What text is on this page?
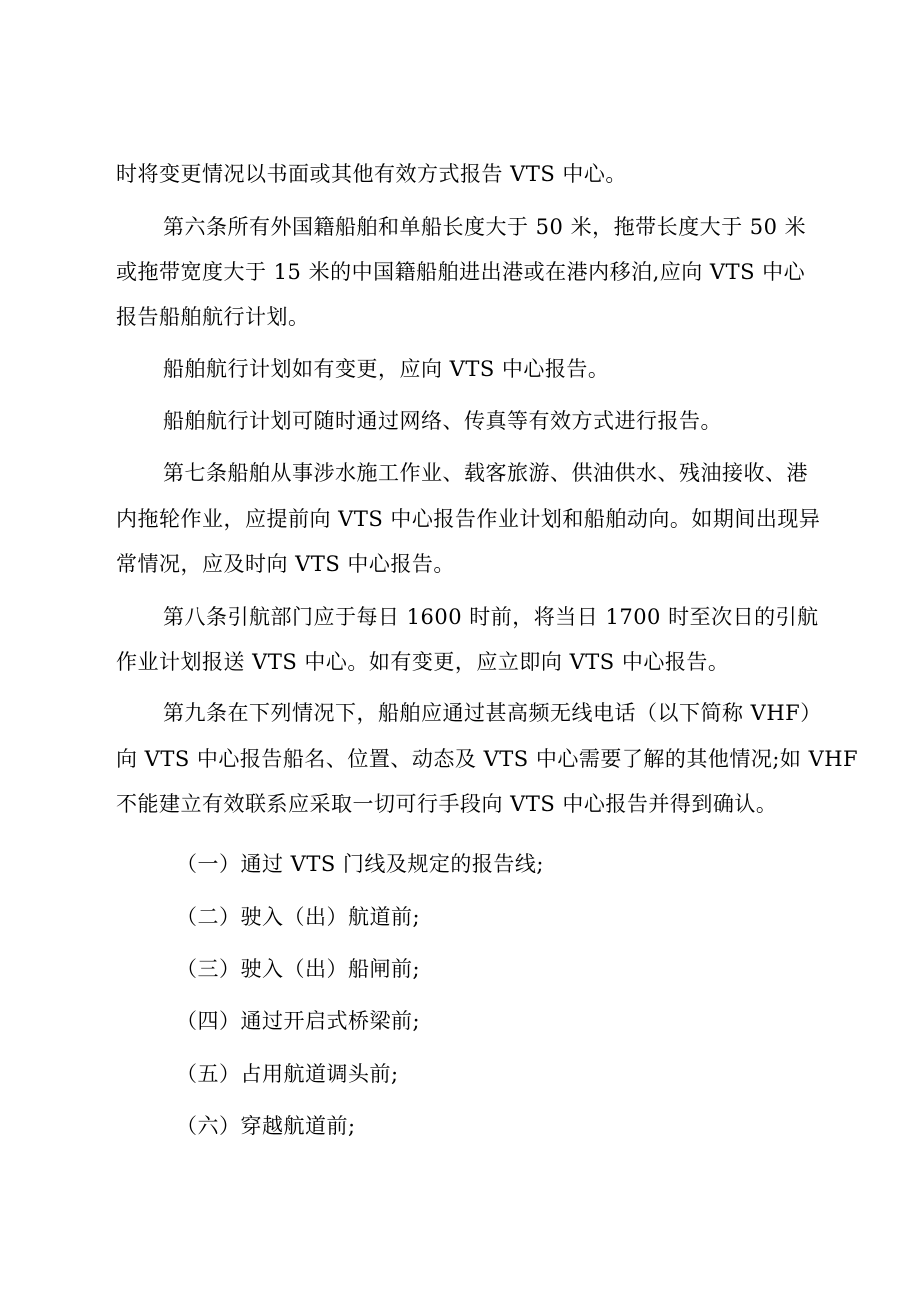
时将变更情况以书面或其他有效方式报告 VTS 中心。
第六条所有外国籍船舶和单船长度大于 50 米，拖带长度大于 50 米
或拖带宽度大于 15 米的中国籍船舶进出港或在港内移泊,应向 VTS 中心
报告船舶航行计划。
船舶航行计划如有变更，应向 VTS 中心报告。
船舶航行计划可随时通过网络、传真等有效方式进行报告。
第七条船舶从事涉水施工作业、载客旅游、供油供水、残油接收、港
内拖轮作业，应提前向 VTS 中心报告作业计划和船舶动向。如期间出现异
常情况，应及时向 VTS 中心报告。
第八条引航部门应于每日 1600 时前，将当日 1700 时至次日的引航
作业计划报送 VTS 中心。如有变更，应立即向 VTS 中心报告。
第九条在下列情况下，船舶应通过甚高频无线电话（以下简称 VHF）
向 VTS 中心报告船名、位置、动态及 VTS 中心需要了解的其他情况;如 VHF
不能建立有效联系应采取一切可行手段向 VTS 中心报告并得到确认。
（一）通过 VTS 门线及规定的报告线;
（二）驶入（出）航道前;
（三）驶入（出）船闸前;
（四）通过开启式桥梁前;
（五）占用航道调头前;
（六）穿越航道前;
